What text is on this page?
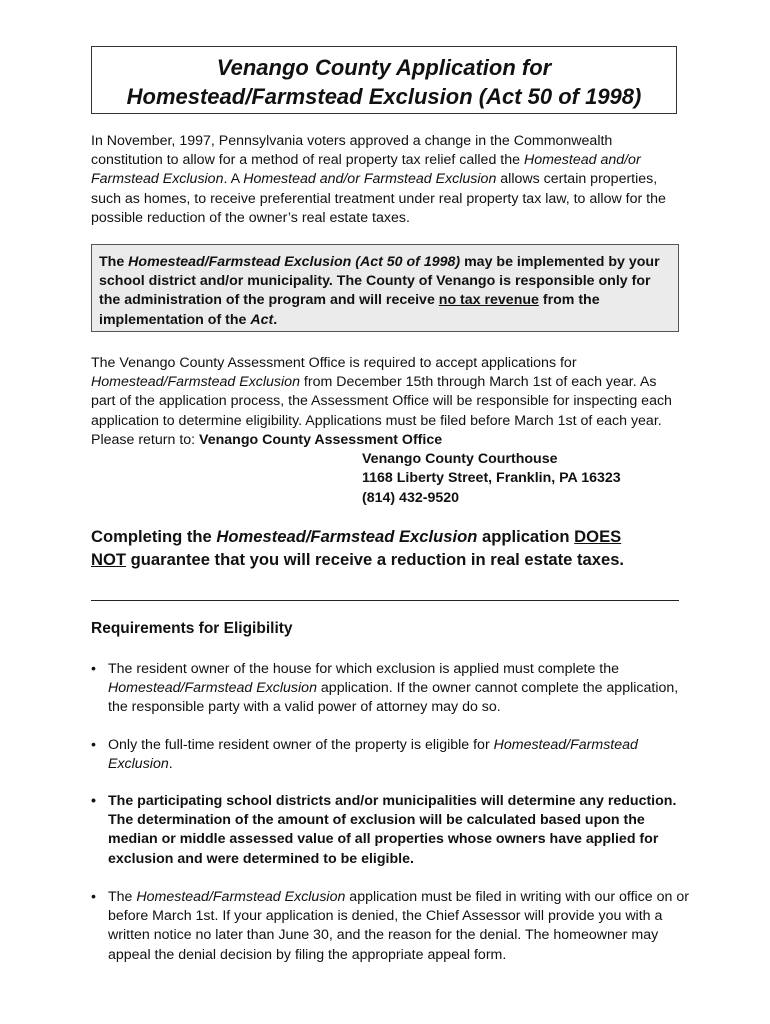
Venango County Application for
Homestead/Farmstead Exclusion (Act 50 of 1998)
In November, 1997, Pennsylvania voters approved a change in the Commonwealth constitution to allow for a method of real property tax relief called the Homestead and/or Farmstead Exclusion. A Homestead and/or Farmstead Exclusion allows certain properties, such as homes, to receive preferential treatment under real property tax law, to allow for the possible reduction of the owner’s real estate taxes.
The Homestead/Farmstead Exclusion (Act 50 of 1998) may be implemented by your school district and/or municipality. The County of Venango is responsible only for the administration of the program and will receive no tax revenue from the implementation of the Act.
The Venango County Assessment Office is required to accept applications for Homestead/Farmstead Exclusion from December 15th through March 1st of each year. As part of the application process, the Assessment Office will be responsible for inspecting each application to determine eligibility. Applications must be filed before March 1st of each year. Please return to: Venango County Assessment Office
Venango County Courthouse
1168 Liberty Street, Franklin, PA 16323
(814) 432-9520
Completing the Homestead/Farmstead Exclusion application DOES
NOT guarantee that you will receive a reduction in real estate taxes.
Requirements for Eligibility
• The resident owner of the house for which exclusion is applied must complete the Homestead/Farmstead Exclusion application. If the owner cannot complete the application, the responsible party with a valid power of attorney may do so.
• Only the full-time resident owner of the property is eligible for Homestead/Farmstead Exclusion.
• The participating school districts and/or municipalities will determine any reduction. The determination of the amount of exclusion will be calculated based upon the median or middle assessed value of all properties whose owners have applied for exclusion and were determined to be eligible.
• The Homestead/Farmstead Exclusion application must be filed in writing with our office on or before March 1st. If your application is denied, the Chief Assessor will provide you with a written notice no later than June 30, and the reason for the denial. The homeowner may appeal the denial decision by filing the appropriate appeal form.
